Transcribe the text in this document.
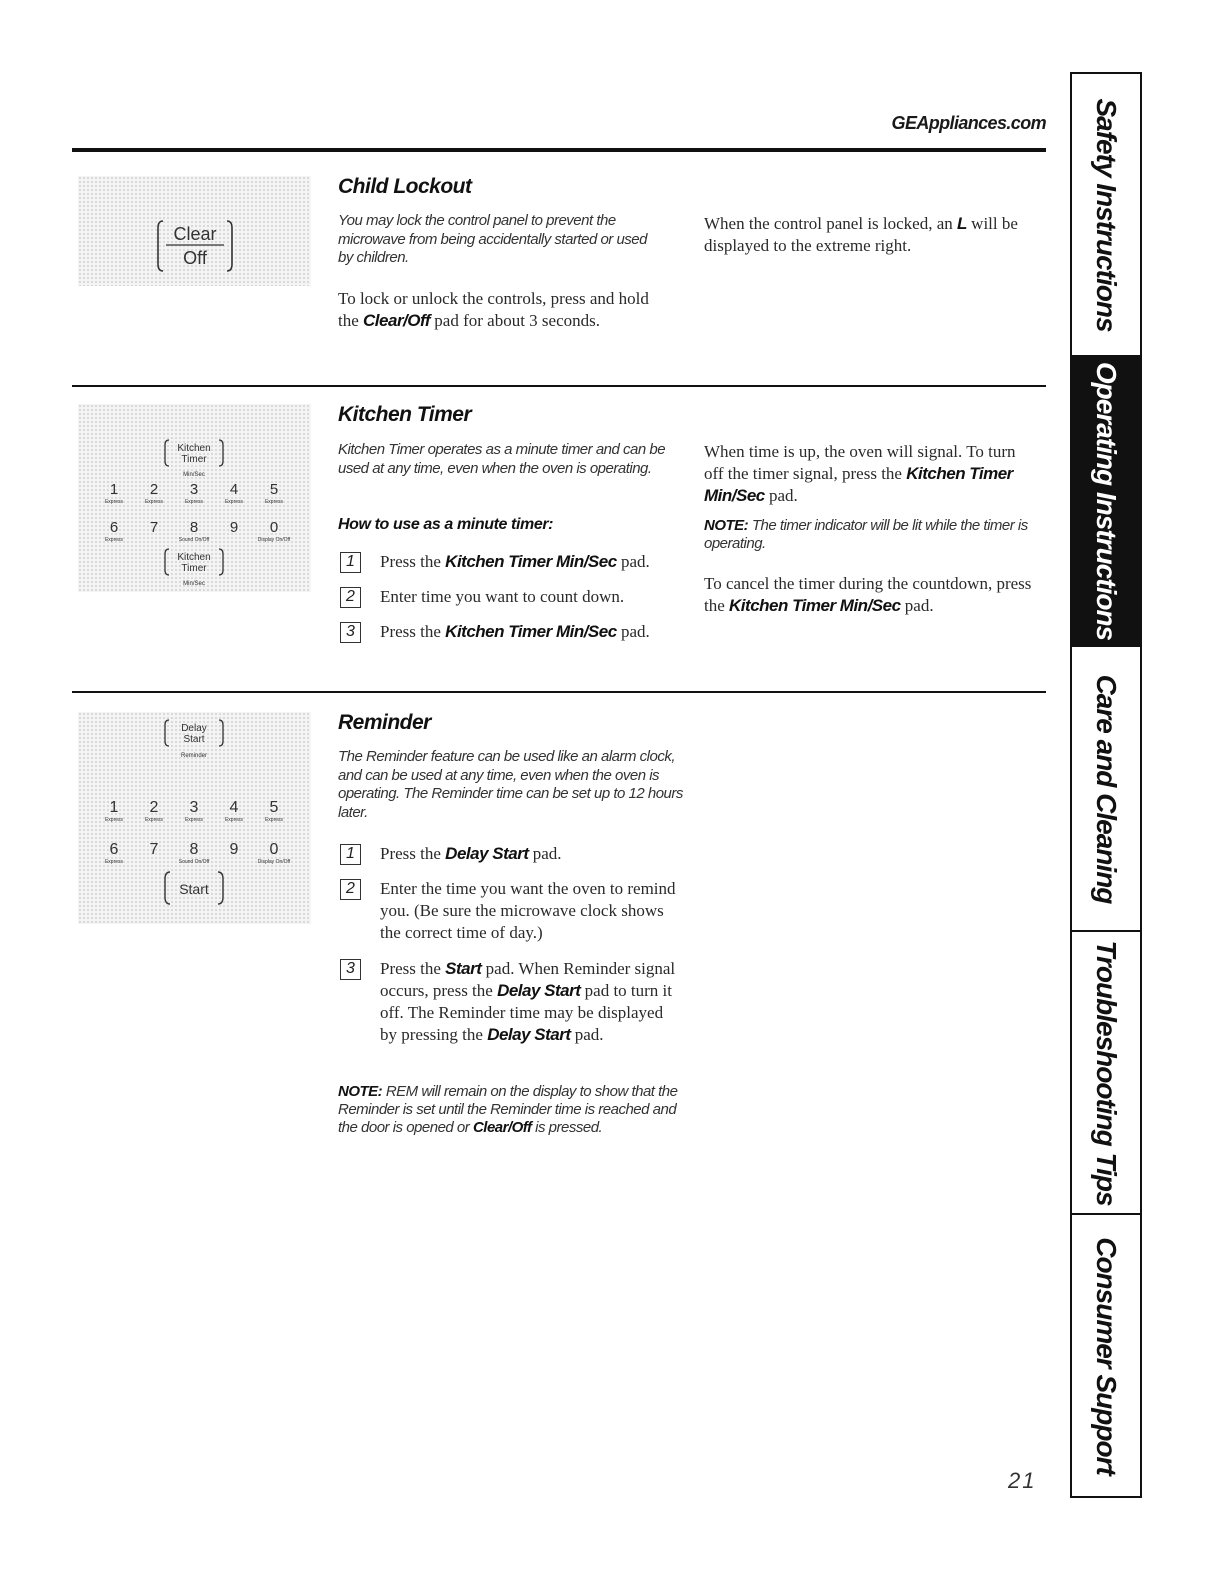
GEAppliances.com
Clear
Off
Child Lockout
You may lock the control panel to prevent the microwave from being accidentally started or used by children.
To lock or unlock the controls, press and hold the Clear/Off pad for about 3 seconds.
When the control panel is locked, an L will be displayed to the extreme right.
Kitchen
Timer
Min/Sec
1 2 3 4 5
Express	Express	Express	Express	Express
6 7 8 9 0
Express	Sound On/Off	Display On/Off
Kitchen
Timer
Min/Sec
Kitchen Timer
Kitchen Timer operates as a minute timer and can be used at any time, even when the oven is operating.
How to use as a minute timer:
1	Press the Kitchen Timer Min/Sec pad.
2	Enter time you want to count down.
3	Press the Kitchen Timer Min/Sec pad.
When time is up, the oven will signal. To turn off the timer signal, press the Kitchen Timer Min/Sec pad.
NOTE: The timer indicator will be lit while the timer is operating.
To cancel the timer during the countdown, press the Kitchen Timer Min/Sec pad.
Delay
Start
Reminder
1 2 3 4 5
Express	Express	Express	Express	Express
6 7 8 9 0
Express	Sound On/Off	Display On/Off
Start
Reminder
The Reminder feature can be used like an alarm clock, and can be used at any time, even when the oven is operating. The Reminder time can be set up to 12 hours later.
1	Press the Delay Start pad.
2	Enter the time you want the oven to remind you. (Be sure the microwave clock shows the correct time of day.)
3	Press the Start pad. When Reminder signal occurs, press the Delay Start pad to turn it off. The Reminder time may be displayed by pressing the Delay Start pad.
NOTE: REM will remain on the display to show that the Reminder is set until the Reminder time is reached and the door is opened or Clear/Off is pressed.
21
Safety Instructions
Operating Instructions
Care and Cleaning
Troubleshooting Tips
Consumer Support
